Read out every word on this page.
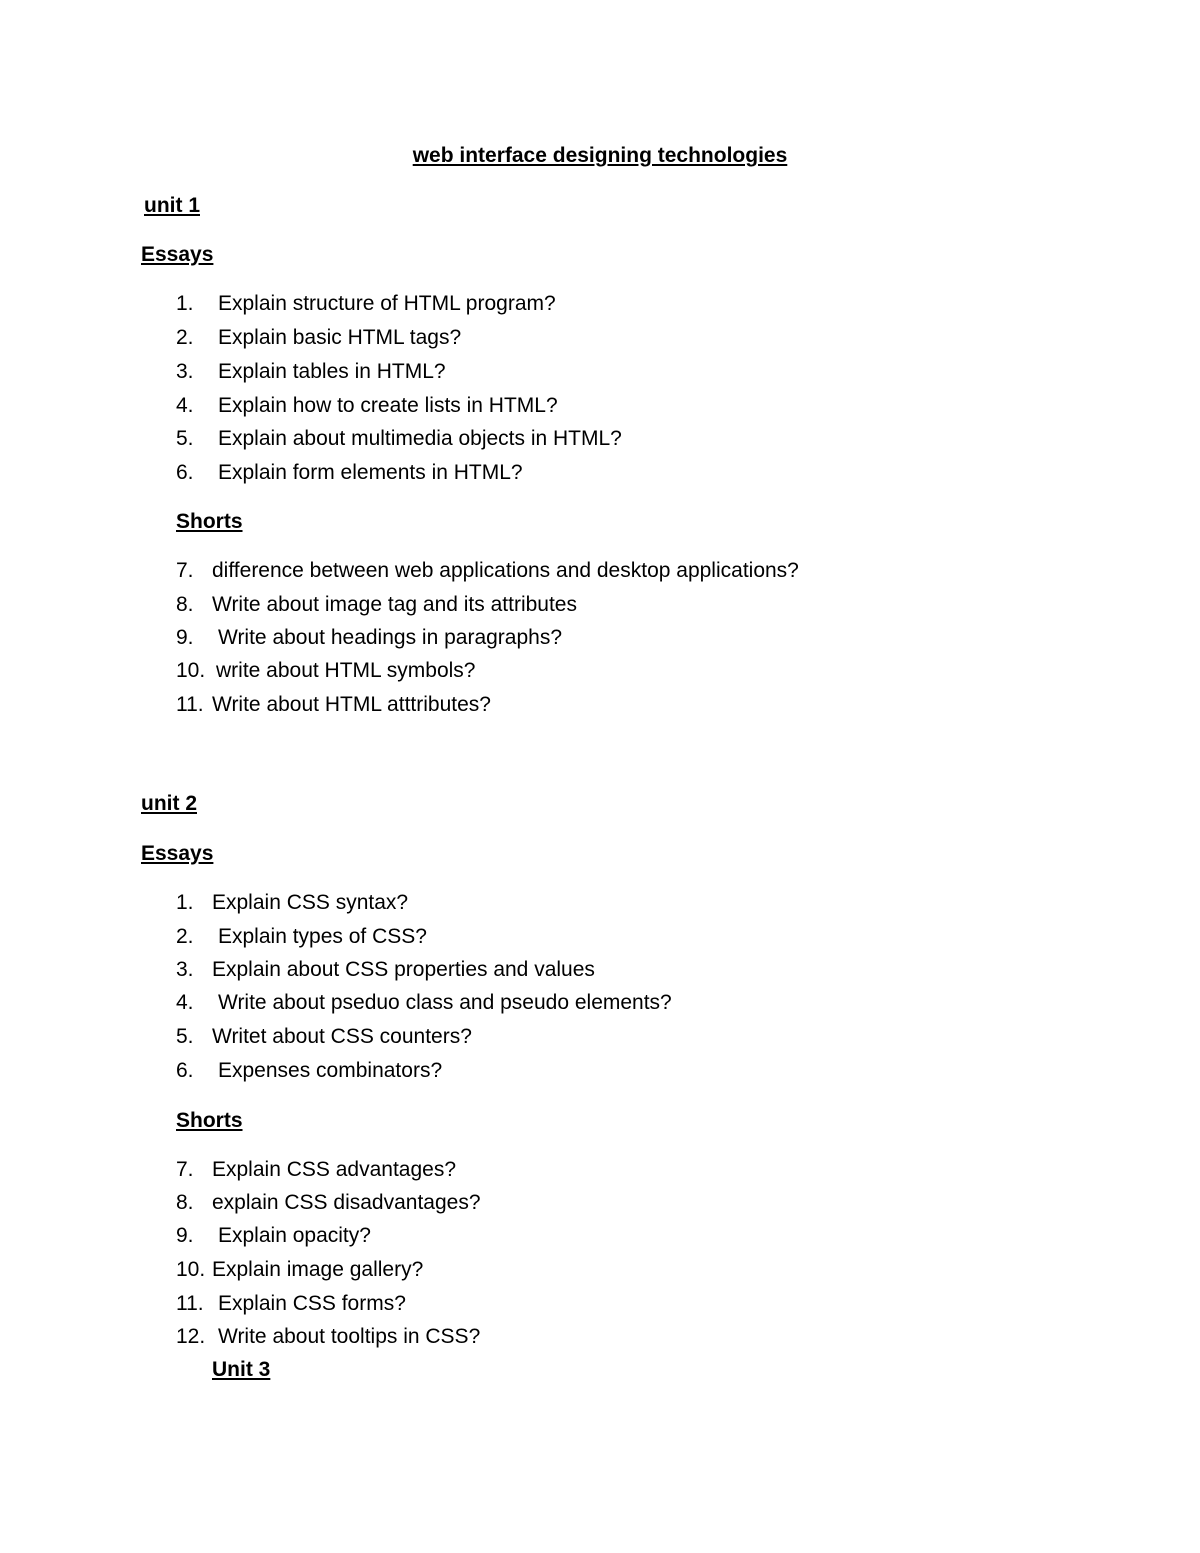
web interface designing technologies
unit 1
Essays
1. Explain structure of HTML program?
2. Explain basic HTML tags?
3. Explain tables in HTML?
4. Explain how to create lists in HTML?
5. Explain about multimedia objects in HTML?
6. Explain form elements in HTML?
Shorts
7. difference between web applications and desktop applications?
8. Write about image tag and its attributes
9. Write about headings in paragraphs?
10. write about HTML symbols?
11. Write about HTML atttributes?
unit 2
Essays
1. Explain CSS syntax?
2. Explain types of CSS?
3. Explain about CSS properties and values
4. Write about pseduo class and pseudo elements?
5. Writet about CSS counters?
6. Expenses combinators?
Shorts
7. Explain CSS advantages?
8. explain CSS disadvantages?
9. Explain opacity?
10. Explain image gallery?
11. Explain CSS forms?
12. Write about tooltips in CSS?
Unit 3
